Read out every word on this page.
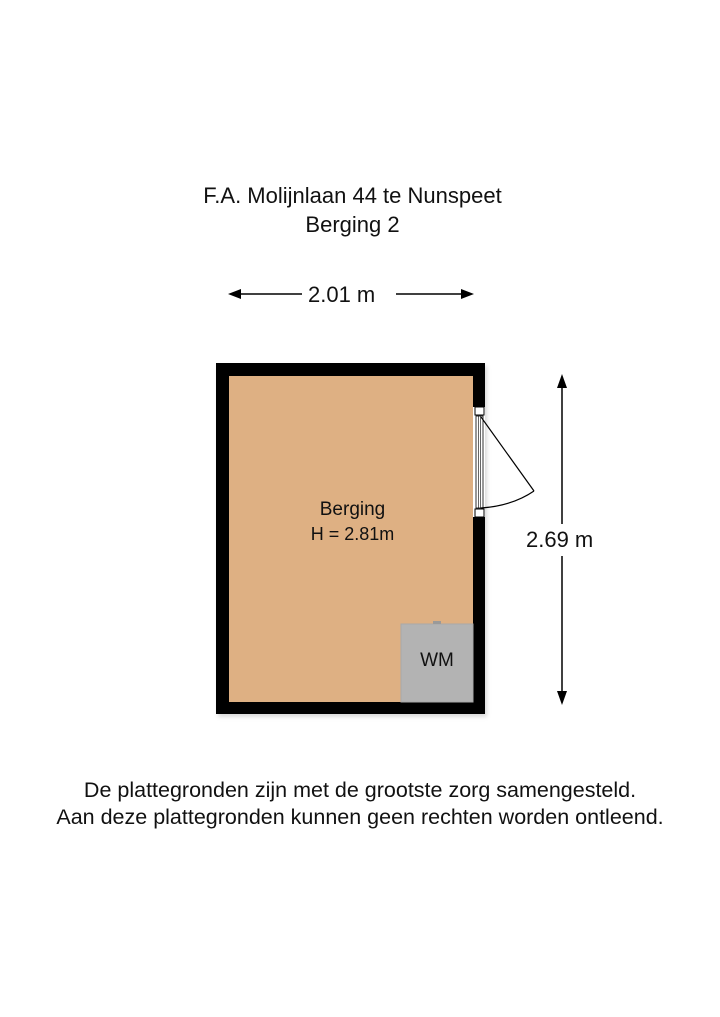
F.A. Molijnlaan 44 te Nunspeet
Berging 2
2.01 m
2.69 m
Berging
H = 2.81m
WM
De plattegronden zijn met de grootste zorg samengesteld.
Aan deze plattegronden kunnen geen rechten worden ontleend.
